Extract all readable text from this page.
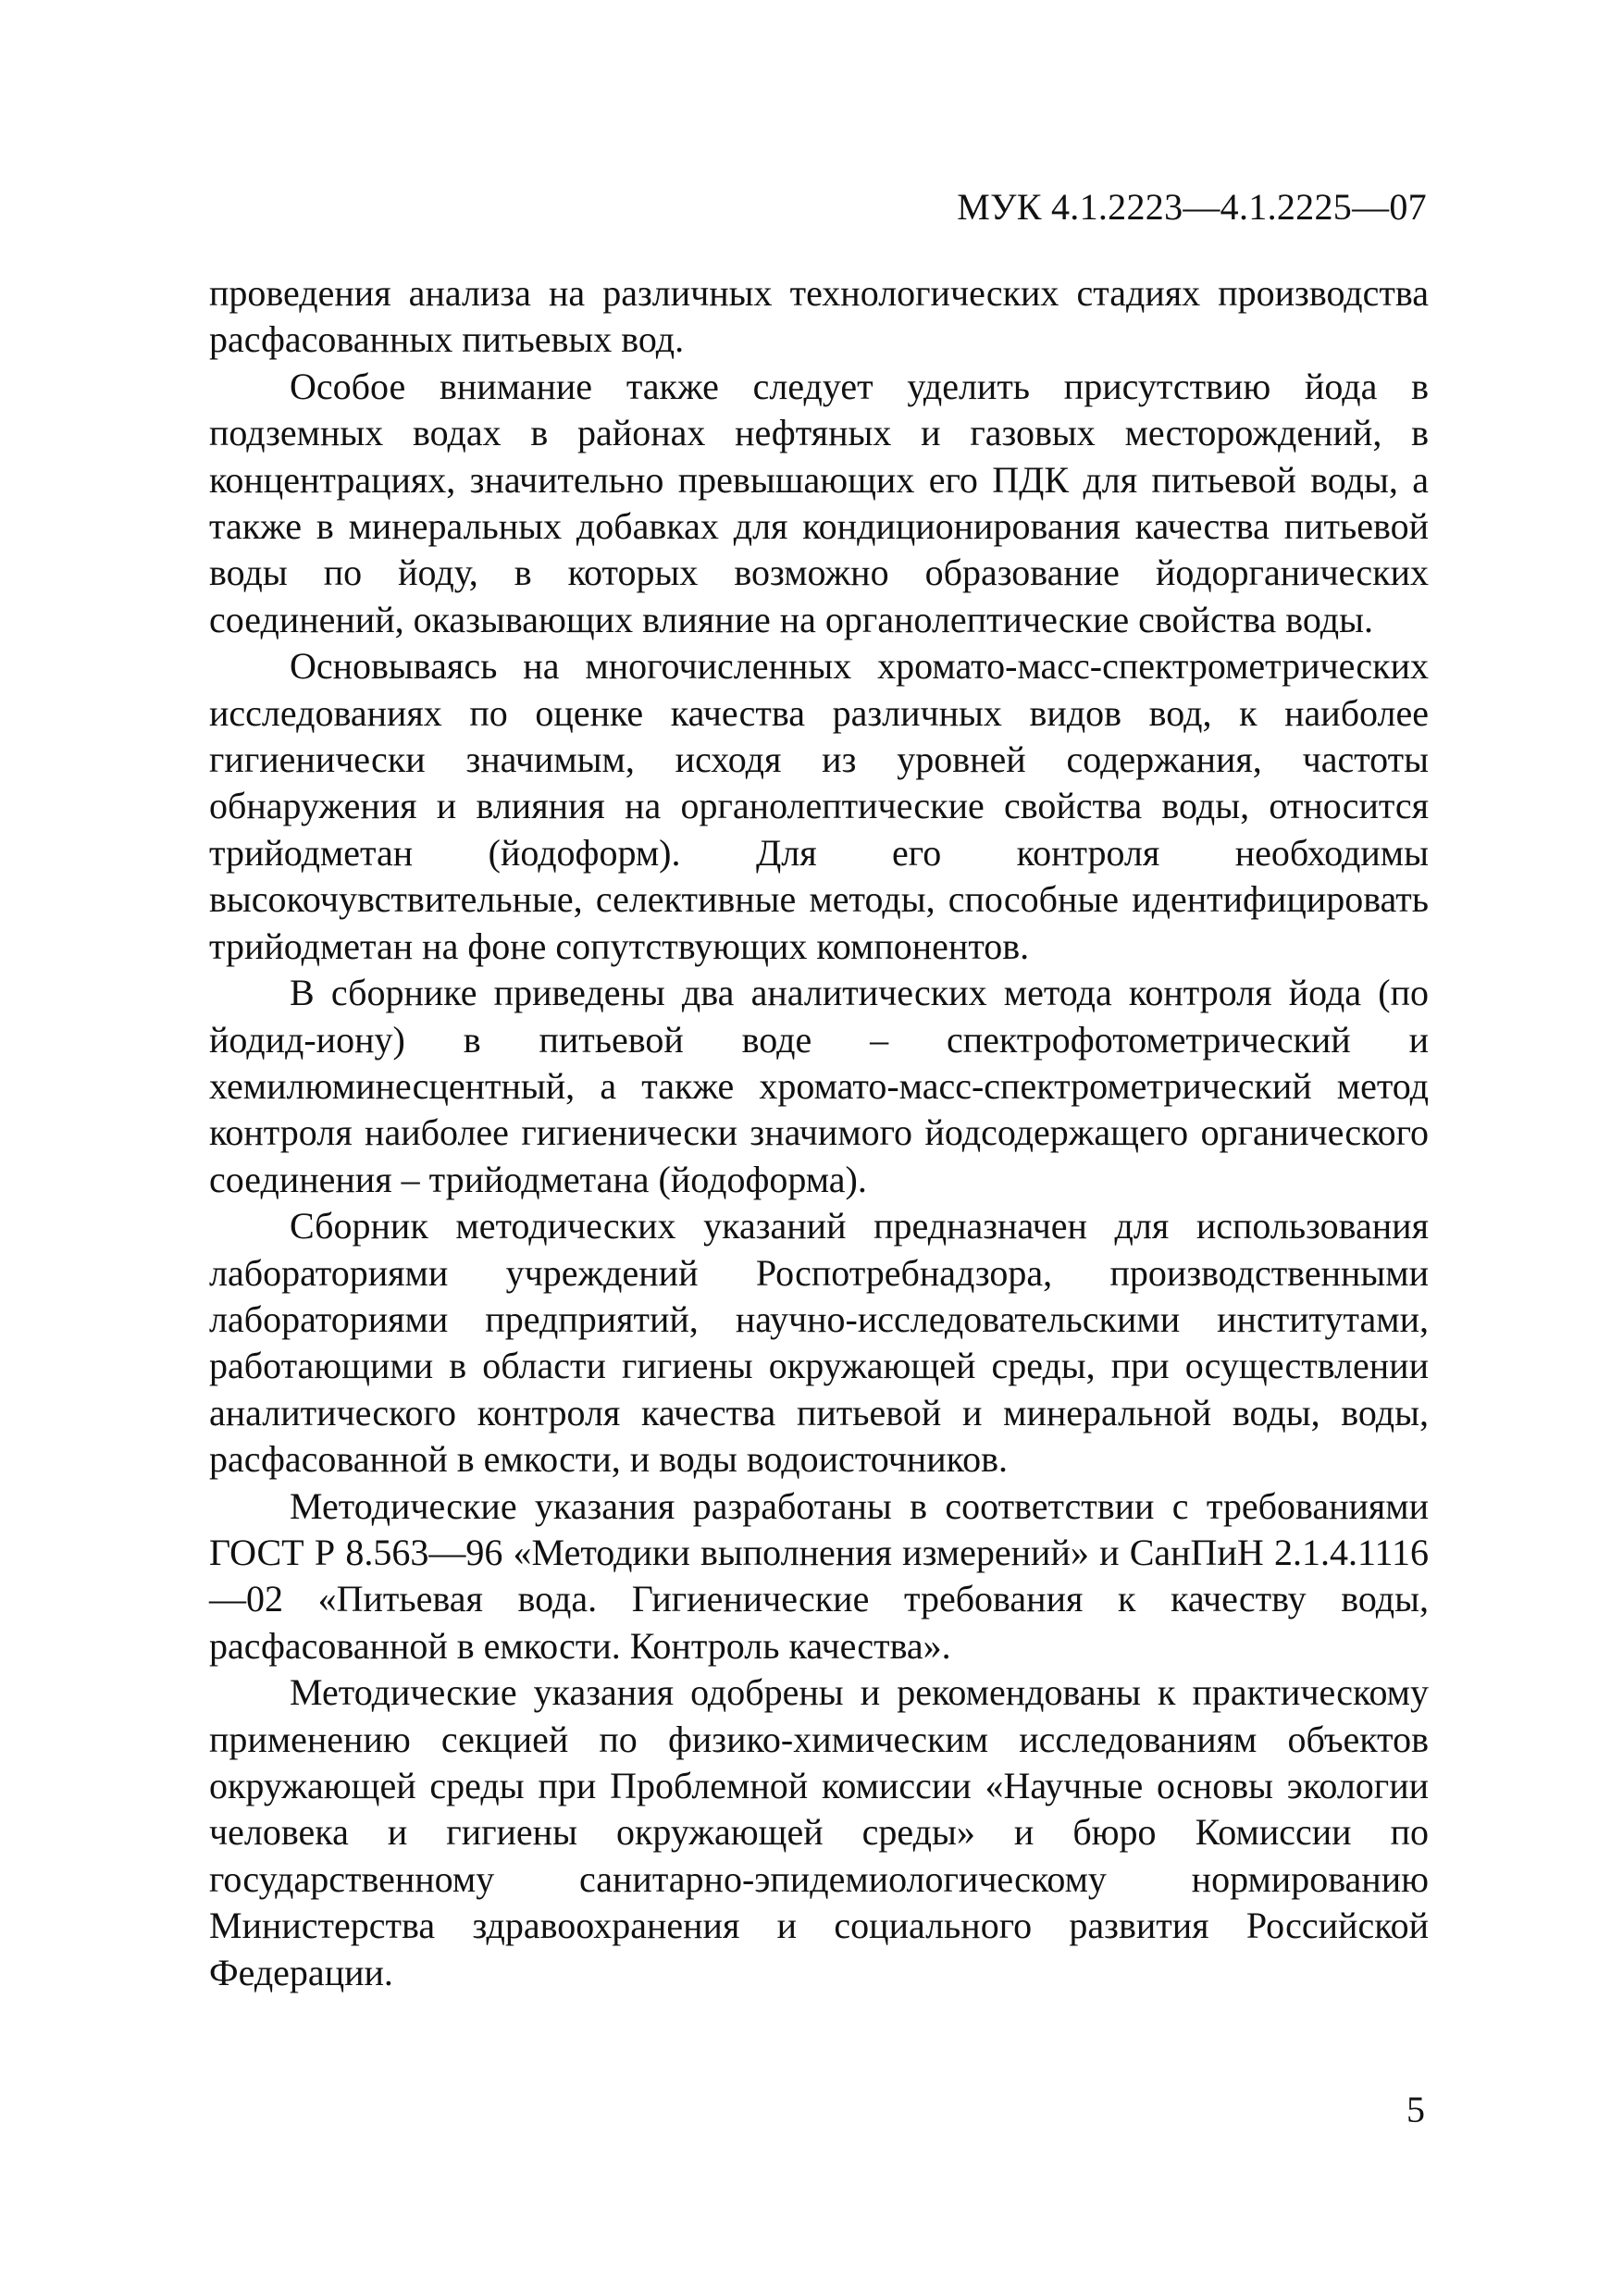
МУК 4.1.2223—4.1.2225—07

проведения анализа на различных технологических стадиях производства расфасованных питьевых вод.

Особое внимание также следует уделить присутствию йода в подземных водах в районах нефтяных и газовых месторождений, в концентрациях, значительно превышающих его ПДК для питьевой воды, а также в минеральных добавках для кондиционирования качества питьевой воды по йоду, в которых возможно образование йодорганических соединений, оказывающих влияние на органолептические свойства воды.

Основываясь на многочисленных хромато-масс-спектрометрических исследованиях по оценке качества различных видов вод, к наиболее гигиенически значимым, исходя из уровней содержания, частоты обнаружения и влияния на органолептические свойства воды, относится трийодметан (йодоформ). Для его контроля необходимы высокочувствительные, селективные методы, способные идентифицировать трийодметан на фоне сопутствующих компонентов.

В сборнике приведены два аналитических метода контроля йода (по йодид-иону) в питьевой воде – спектрофотометрический и хемилюминесцентный, а также хромато-масс-спектрометрический метод контроля наиболее гигиенически значимого йодсодержащего органического соединения – трийодметана (йодоформа).

Сборник методических указаний предназначен для использования лабораториями учреждений Роспотребнадзора, производственными лабораториями предприятий, научно-исследовательскими институтами, работающими в области гигиены окружающей среды, при осуществлении аналитического контроля качества питьевой и минеральной воды, воды, расфасованной в емкости, и воды водоисточников.

Методические указания разработаны в соответствии с требованиями ГОСТ Р 8.563—96 «Методики выполнения измерений» и СанПиН 2.1.4.1116—02 «Питьевая вода. Гигиенические требования к качеству воды, расфасованной в емкости. Контроль качества».

Методические указания одобрены и рекомендованы к практическому применению секцией по физико-химическим исследованиям объектов окружающей среды при Проблемной комиссии «Научные основы экологии человека и гигиены окружающей среды» и бюро Комиссии по государственному санитарно-эпидемиологическому нормированию Министерства здравоохранения и социального развития Российской Федерации.

5
